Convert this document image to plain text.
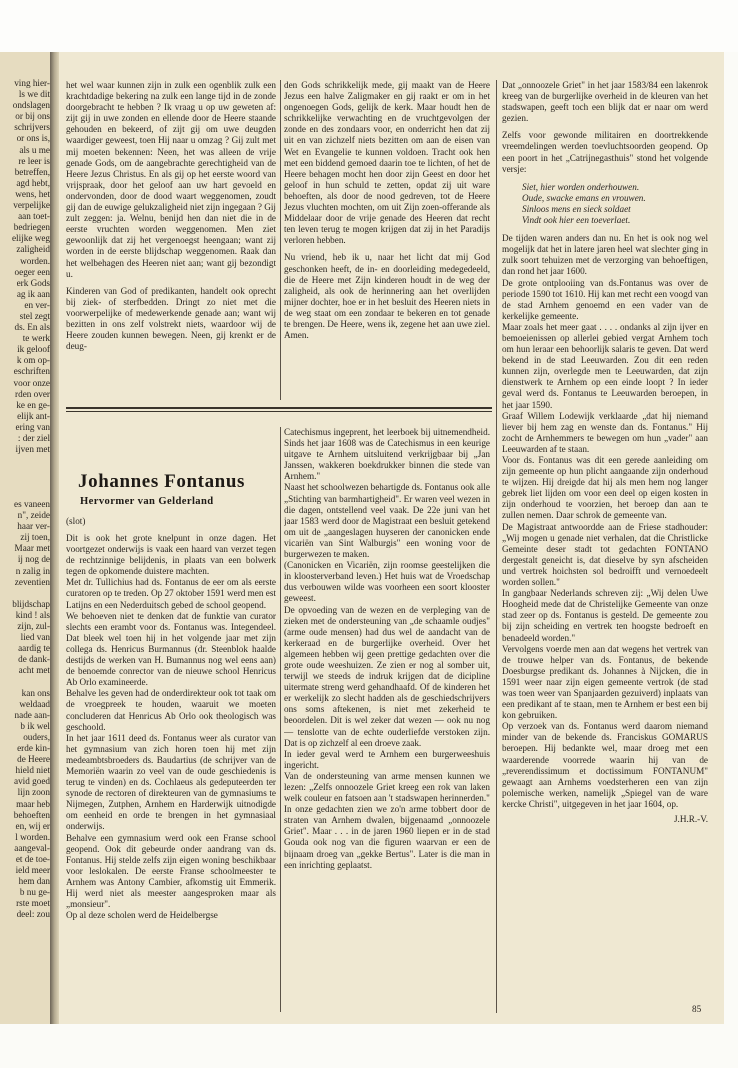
ving hier-
ls we dit
ondslagen
or bij ons
schrijvers
or ons is,
als u me
re leer is
betreffen,
agd hebt,
wens, het
verpelijke
aan toet-
bedriegen
elijke weg
zaligheid
worden.
oeger een
erk Gods
ag ik aan
en ver-
stel zegt
ds. En als
te werk
ik geloof
k om op-
eschriften
voor onze
rden over
ke en ge-
elijk ant-
ering van
: der ziel
ijven met
es vaneen
n", zeide
haar ver-
zij toen,
Maar met
ij nog de
n zalig in
zeventien

blijdschap
kind ! als
zijn, zul-
lied van
aardig te
de dank-
acht met

kan ons
weldaad
nade aan-
b ik wel
ouders,
erde kin-
de Heere
hield niet
avid goed
lijn zoon
maar heb
behoeften
en, wij er
l worden.
aangeval-
et de toe-
ield meer
hem dan
b nu ge-
rste moet
deel: zou

het wel waar kunnen zijn in zulk een ogenblik zulk een krachtdadige bekering na zulk een lange tijd in de zonde doorgebracht te hebben ? Ik vraag u op uw geweten af: zijt gij in uwe zonden en ellende door de Heere staande gehouden en bekeerd, of zijt gij om uwe deugden waardiger geweest, toen Hij naar u omzag ? Gij zult met mij moeten bekennen: Neen, het was alleen de vrije genade Gods, om de aangebrachte gerechtigheid van de Heere Jezus Christus. En als gij op het eerste woord van vrijspraak, door het geloof aan uw hart gevoeld en ondervonden, door de dood waart weggenomen, zoudt gij dan de euwige gelukzaligheid niet zijn ingegaan ? Gij zult zeggen: ja. Welnu, benijd hen dan niet die in de eerste vruchten worden weggenomen. Men ziet gewoonlijk dat zij het vergenoegst heengaan; want zij worden in de eerste blijdschap weggenomen. Raak dan het welbehagen des Heeren niet aan; want gij bezondigt u.

Kinderen van God of predikanten, handelt ook oprecht bij ziek- of sterfbedden. Dringt zo niet met die voorwerpelijke of medewerkende genade aan; want wij bezitten in ons zelf volstrekt niets, waardoor wij de Heere zouden kunnen bewegen. Neen, gij krenkt er de deug-

den Gods schrikkelijk mede, gij maakt van de Heere Jezus een halve Zaligmaker en gij raakt er om in het ongenoegen Gods, gelijk de kerk. Maar houdt hen de schrikkelijke verwachting en de vruchtgevolgen der zonde en des zondaars voor, en onderricht hen dat zij uit en van zichzelf niets bezitten om aan de eisen van Wet en Evangelie te kunnen voldoen. Tracht ook hen met een biddend gemoed daarin toe te lichten, of het de Heere behagen mocht hen door zijn Geest en door het geloof in hun schuld te zetten, opdat zij uit ware behoeften, als door de nood gedreven, tot de Heere Jezus vluchten mochten, om uit Zijn zoen-offerande als Middelaar door de vrije genade des Heeren dat recht ten leven terug te mogen krijgen dat zij in het Paradijs verloren hebben.

Nu vriend, heb ik u, naar het licht dat mij God geschonken heeft, de in- en doorleiding medegedeeld, die de Heere met Zijn kinderen houdt in de weg der zaligheid, als ook de herinnering aan het overlijden mijner dochter, hoe er in het besluit des Heeren niets in de weg staat om een zondaar te bekeren en tot genade te brengen. De Heere, wens ik, zegene het aan uwe ziel. Amen.

Johannes Fontanus
Hervormer van Gelderland
(slot)

Dit is ook het grote knelpunt in onze dagen. Het voortgezet onderwijs is vaak een haard van verzet tegen de rechtzinnige belijdenis, in plaats van een bolwerk tegen de opkomende duistere machten.

Met dr. Tullichius had ds. Fontanus de eer om als eerste curatoren op te treden. Op 27 oktober 1591 werd men est Latijns en een Nederduitsch gebed de school geopend.

We behoeven niet te denken dat de funktie van curator slechts een erambt voor ds. Fontanus was. Integendeel. Dat bleek wel toen hij in het volgende jaar met zijn collega ds. Henricus Burmannus (dr. Steenblok haalde destijds de werken van H. Bumannus nog wel eens aan) de benoemde conrector van de nieuwe school Henricus Ab Orlo examineerde.

Behalve les geven had de onderdirekteur ook tot taak om de vroegpreek te houden, waaruit we moeten concluderen dat Henricus Ab Orlo ook theologisch was geschoold.

In het jaar 1611 deed ds. Fontanus weer als curator van het gymnasium van zich horen toen hij met zijn medeambtsbroeders ds. Baudartius (de schrijver van de Memoriën waarin zo veel van de oude geschiedenis is terug te vinden) en ds. Cochlaeus als gedeputeerden ter synode de rectoren of direkteuren van de gymnasiums te Nijmegen, Zutphen, Arnhem en Harderwijk uitnodigde om eenheid en orde te brengen in het gymnasiaal onderwijs.

Behalve een gymnasium werd ook een Franse school geopend. Ook dit gebeurde onder aandrang van ds. Fontanus. Hij stelde zelfs zijn eigen woning beschikbaar voor leslokalen. De eerste Franse schoolmeester te Arnhem was Antony Cambier, afkomstig uit Emmerik. Hij werd niet als meester aangesproken maar als „monsieur".

Op al deze scholen werd de Heidelbergse

Catechismus ingeprent, het leerboek bij uitnemendheid. Sinds het jaar 1608 was de Catechismus in een keurige uitgave te Arnhem uitsluitend verkrijgbaar bij „Jan Janssen, wakkeren boekdrukker binnen die stede van Arnhem."

Naast het schoolwezen behartigde ds. Fontanus ook alle „Stichting van barmhartigheid". Er waren veel wezen in die dagen, ontstellend veel vaak. De 22e juni van het jaar 1583 werd door de Magistraat een besluit getekend om uit de „aangeslagen huyseren der canonicken ende vicariën van Sint Walburgis" een woning voor de burgerwezen te maken.

(Canonicken en Vicariën, zijn roomse geestelijken die in kloosterverband leven.) Het huis wat de Vroedschap dus verbouwen wilde was voorheen een soort klooster geweest.

De opvoeding van de wezen en de verpleging van de zieken met de ondersteuning van „de schaamle oudjes" (arme oude mensen) had dus wel de aandacht van de kerkeraad en de burgerlijke overheid. Over het algemeen hebben wij geen prettige gedachten over die grote oude weeshuizen. Ze zien er nog al somber uit, terwijl we steeds de indruk krijgen dat de dicipline uitermate streng werd gehandhaafd. Of de kinderen het er werkelijk zo slecht hadden als de geschiedschrijvers ons soms aftekenen, is niet met zekerheid te beoordelen. Dit is wel zeker dat wezen — ook nu nog — tenslotte van de echte ouderliefde verstoken zijn. Dat is op zichzelf al een droeve zaak.

In ieder geval werd te Arnhem een burgerweeshuis ingericht.

Van de ondersteuning van arme mensen kunnen we lezen: „Zelfs onnoozele Griet kreeg een rok van laken welk couleur en fatsoen aan 't stadswapen herinnerden."

In onze gedachten zien we zo'n arme tobbert door de straten van Arnhem dwalen, bijgenaamd „onnoozele Griet". Maar . . . in de jaren 1960 liepen er in de stad Gouda ook nog van die figuren waarvan er een de bijnaam droeg van „gekke Bertus". Later is die man in een inrichting geplaatst.

Dat „onnoozele Griet" in het jaar 1583/84 een lakenrok kreeg van de burgerlijke overheid in de kleuren van het stadswapen, geeft toch een blijk dat er naar om werd gezien.

Zelfs voor gewonde militairen en doortrekkende vreemdelingen werden toevluchtsoorden geopend. Op een poort in het „Catrijnegasthuis" stond het volgende versje:

Siet, hier worden onderhouwen.
Oude, swacke emans en vrouwen.
Sinloos mens en sieck soldaet
Vindt ook hier een toeverlaet.

De tijden waren anders dan nu. En het is ook nog wel mogelijk dat het in latere jaren heel wat slechter ging in zulk soort tehuizen met de verzorging van behoeftigen, dan rond het jaar 1600.

De grote ontplooiing van ds.Fontanus was over de periode 1590 tot 1610. Hij kan met recht een voogd van de stad Arnhem genoemd en een vader van de kerkelijke gemeente.

Maar zoals het meer gaat . . . . ondanks al zijn ijver en bemoeienissen op allerlei gebied vergat Arnhem toch om hun leraar een behoorlijk salaris te geven. Dat werd bekend in de stad Leeuwarden. Zou dit een reden kunnen zijn, overlegde men te Leeuwarden, dat zijn dienstwerk te Arnhem op een einde loopt ? In ieder geval werd ds. Fontanus te Leeuwarden beroepen, in het jaar 1590.

Graaf Willem Lodewijk verklaarde „dat hij niemand liever bij hem zag en wenste dan ds. Fontanus." Hij zocht de Arnhemmers te bewegen om hun „vader" aan Leeuwarden af te staan.

Voor ds. Fontanus was dit een gerede aanleiding om zijn gemeente op hun plicht aangaande zijn onderhoud te wijzen. Hij dreigde dat hij als men hem nog langer gebrek liet lijden om voor een deel op eigen kosten in zijn onderhoud te voorzien, het beroep dan aan te zullen nemen. Daar schrok de gemeente van.

De Magistraat antwoordde aan de Friese stadhouder: „Wij mogen u genade niet verhalen, dat die Christlicke Gemeinte deser stadt tot gedachten FONTANO dergestalt geneicht is, dat dieselve by syn afscheiden und vertrek hoichsten sol bedroifft und vernoedeelt worden sollen."

In gangbaar Nederlands schreven zij: „Wij delen Uwe Hoogheid mede dat de Christelijke Gemeente van onze stad zeer op ds. Fontanus is gesteld. De gemeente zou bij zijn scheiding en vertrek ten hoogste bedroeft en benadeeld worden."

Vervolgens voerde men aan dat wegens het vertrek van de trouwe helper van ds. Fontanus, de bekende Doesburgse predikant ds. Johannes à Nijcken, die in 1591 weer naar zijn eigen gemeente vertrok (de stad was toen weer van Spanjaarden gezuiverd) inplaats van een predikant af te staan, men te Arnhem er best een bij kon gebruiken.

Op verzoek van ds. Fontanus werd daarom niemand minder van de bekende ds. Franciskus GOMARUS beroepen. Hij bedankte wel, maar droeg met een waarderende voorrede waarin hij van de „reverendissimum et doctissimum FONTANUM" gewaagt aan Arnhems voedsterheren een van zijn polemische werken, namelijk „Spiegel van de ware kercke Christi", uitgegeven in het jaar 1604, op.

J.H.R.-V.
85
